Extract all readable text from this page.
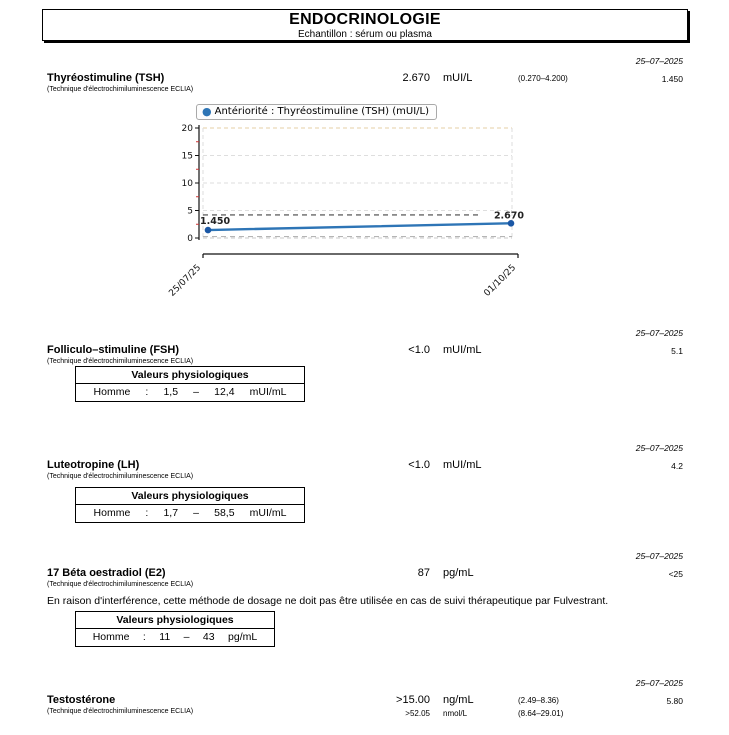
ENDOCRINOLOGIE
Echantillon : sérum ou plasma
25–07–2025
Thyréostimuline (TSH)
(Technique d'électrochimiluminescence ECLIA)
2.670 mUI/L	(0.270–4.200)	1.450
● Antériorité : Thyréostimuline (TSH) (mUI/L)
0
5
10
15
20
1.450
2.670
25/07/25	01/10/25
25–07–2025
Folliculo–stimuline (FSH)
(Technique d'électrochimiluminescence ECLIA)
<1.0 mUI/mL	5.1
Valeurs physiologiques
Homme : 1,5 – 12,4 mUI/mL
25–07–2025
Luteotropine (LH)
(Technique d'électrochimiluminescence ECLIA)
<1.0 mUI/mL	4.2
Valeurs physiologiques
Homme : 1,7 – 58,5 mUI/mL
25–07–2025
17 Béta oestradiol (E2)
(Technique d'électrochimiluminescence ECLIA)
87 pg/mL	<25
En raison d'interférence, cette méthode de dosage ne doit pas être utilisée en cas de suivi thérapeutique par Fulvestrant.
Valeurs physiologiques
Homme : 11 – 43 pg/mL
25–07–2025
Testostérone
(Technique d'électrochimiluminescence ECLIA)
>15.00 ng/mL	(2.49–8.36)	5.80
>52.05 nmol/L	(8.64–29.01)
